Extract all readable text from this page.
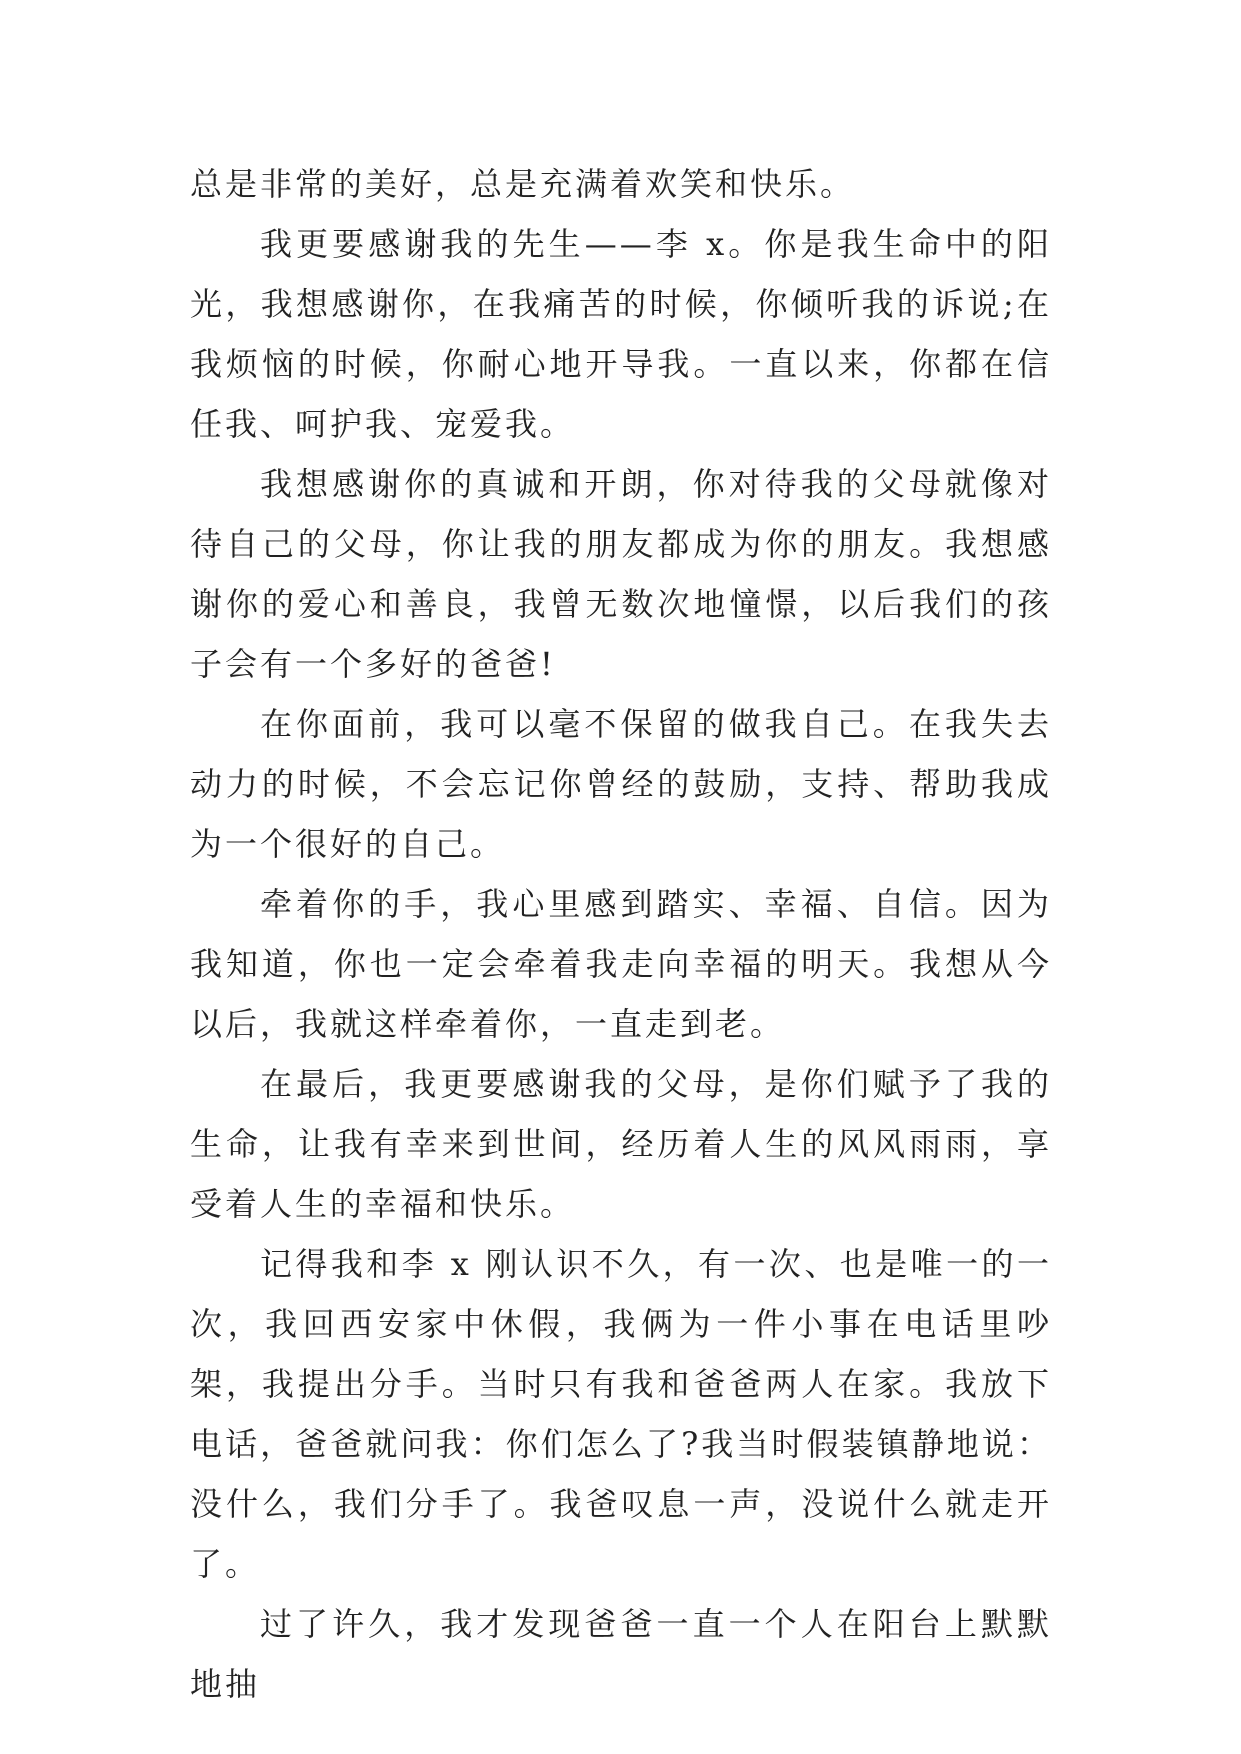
总是非常的美好，总是充满着欢笑和快乐。

我更要感谢我的先生——李 x。你是我生命中的阳光，我想感谢你，在我痛苦的时候，你倾听我的诉说;在我烦恼的时候，你耐心地开导我。一直以来，你都在信任我、呵护我、宠爱我。

我想感谢你的真诚和开朗，你对待我的父母就像对待自己的父母，你让我的朋友都成为你的朋友。我想感谢你的爱心和善良，我曾无数次地憧憬，以后我们的孩子会有一个多好的爸爸!

在你面前，我可以毫不保留的做我自己。在我失去动力的时候，不会忘记你曾经的鼓励，支持、帮助我成为一个很好的自己。

牵着你的手，我心里感到踏实、幸福、自信。因为我知道，你也一定会牵着我走向幸福的明天。我想从今以后，我就这样牵着你，一直走到老。

在最后，我更要感谢我的父母，是你们赋予了我的生命，让我有幸来到世间，经历着人生的风风雨雨，享受着人生的幸福和快乐。

记得我和李 x 刚认识不久，有一次、也是唯一的一次，我回西安家中休假，我俩为一件小事在电话里吵架，我提出分手。当时只有我和爸爸两人在家。我放下电话，爸爸就问我：你们怎么了?我当时假装镇静地说：没什么，我们分手了。我爸叹息一声，没说什么就走开了。

过了许久，我才发现爸爸一直一个人在阳台上默默地抽
